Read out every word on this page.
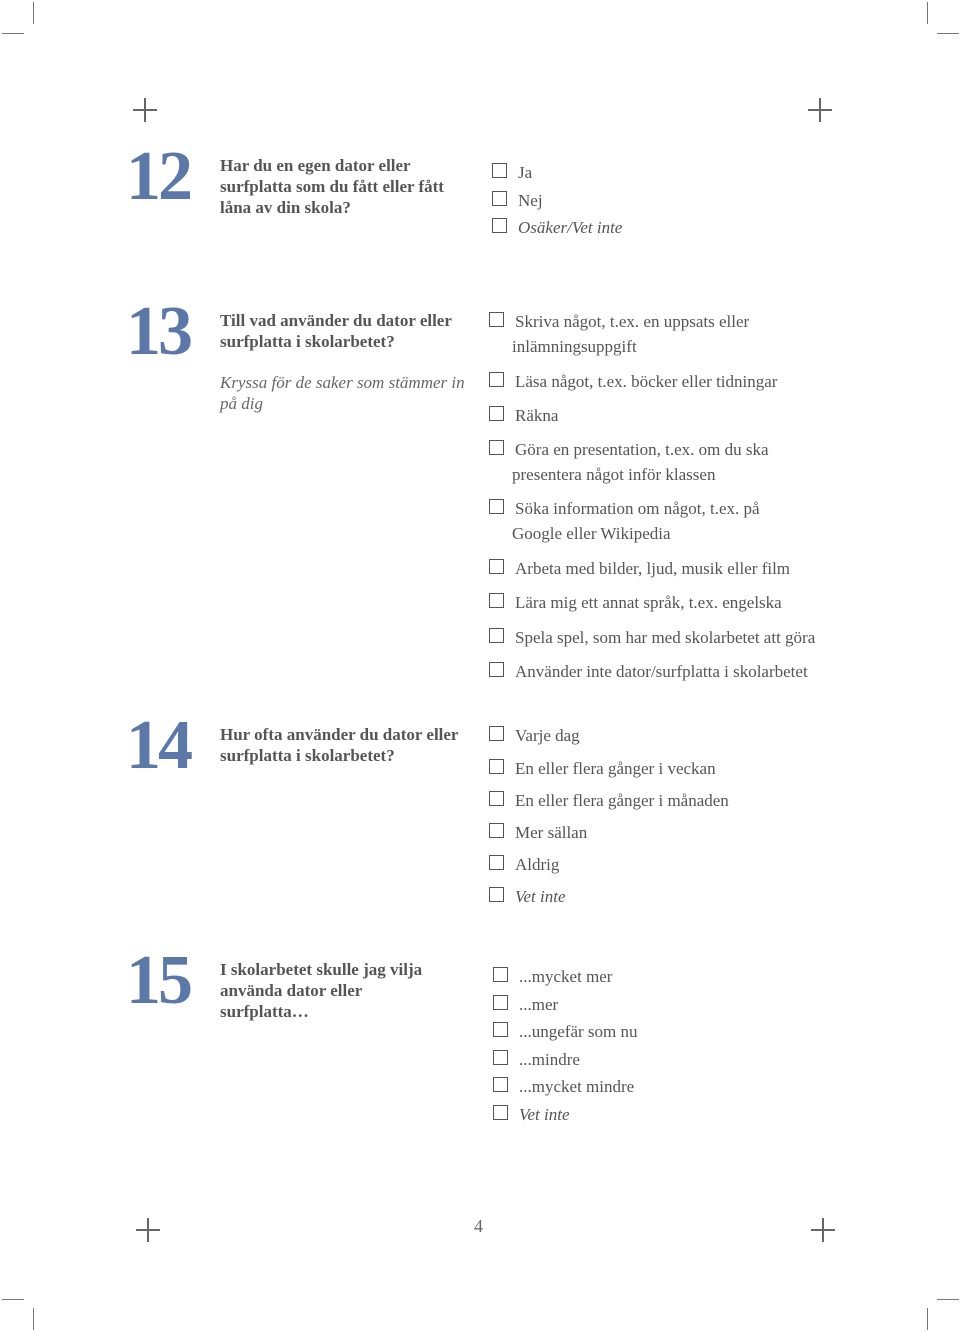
12 Har du en egen dator eller surfplatta som du fått eller fått låna av din skola?
Ja
Nej
Osäker/Vet inte
13 Till vad använder du dator eller surfplatta i skolarbetet?
Kryssa för de saker som stämmer in på dig
Skriva något, t.ex. en uppsats eller
inlämningsuppgift
Läsa något, t.ex. böcker eller tidningar
Räkna
Göra en presentation, t.ex. om du ska
presentera något inför klassen
Söka information om något, t.ex. på
Google eller Wikipedia
Arbeta med bilder, ljud, musik eller film
Lära mig ett annat språk, t.ex. engelska
Spela spel, som har med skolarbetet att göra
Använder inte dator/surfplatta i skolarbetet
14 Hur ofta använder du dator eller surfplatta i skolarbetet?
Varje dag
En eller flera gånger i veckan
En eller flera gånger i månaden
Mer sällan
Aldrig
Vet inte
15 I skolarbetet skulle jag vilja använda dator eller surfplatta…
...mycket mer
...mer
...ungefär som nu
...mindre
...mycket mindre
Vet inte
4
